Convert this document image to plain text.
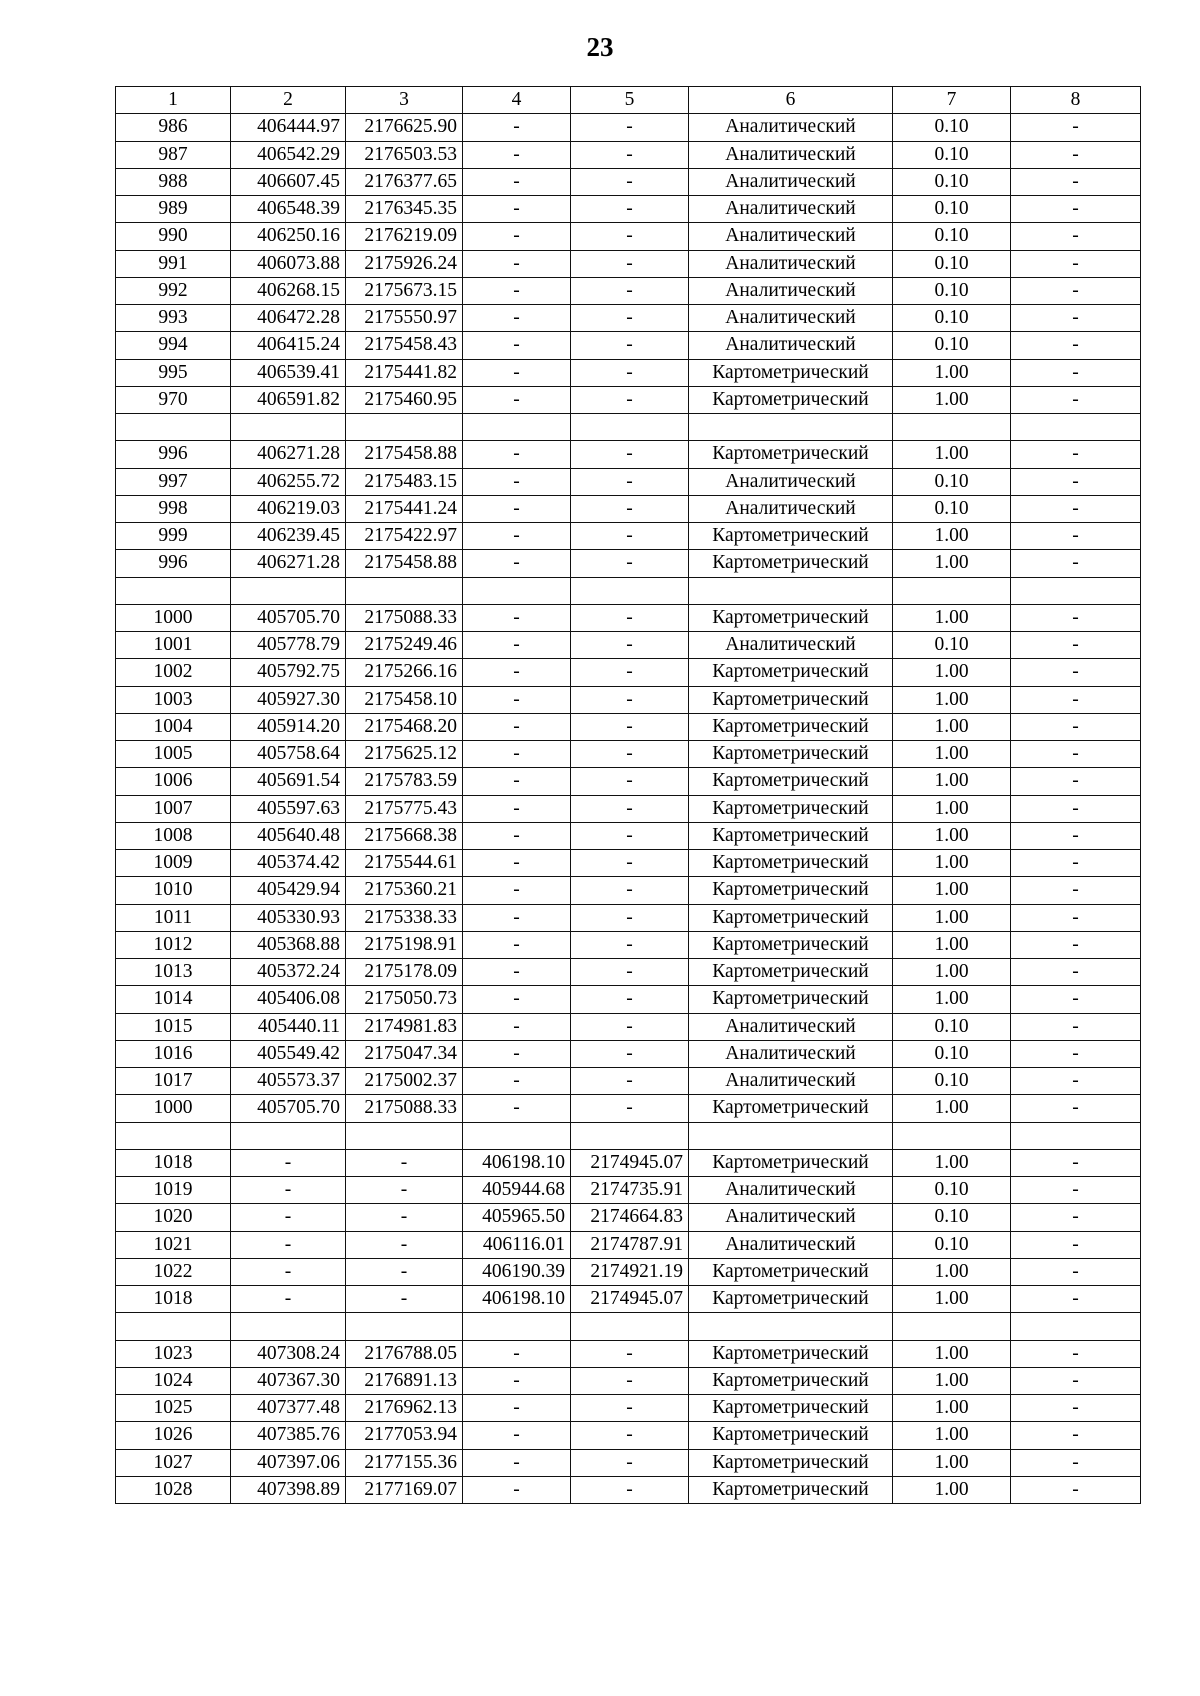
23
1	2	3	4	5	6	7	8
986	406444.97	2176625.90	-	-	Аналитический	0.10	-
987	406542.29	2176503.53	-	-	Аналитический	0.10	-
988	406607.45	2176377.65	-	-	Аналитический	0.10	-
989	406548.39	2176345.35	-	-	Аналитический	0.10	-
990	406250.16	2176219.09	-	-	Аналитический	0.10	-
991	406073.88	2175926.24	-	-	Аналитический	0.10	-
992	406268.15	2175673.15	-	-	Аналитический	0.10	-
993	406472.28	2175550.97	-	-	Аналитический	0.10	-
994	406415.24	2175458.43	-	-	Аналитический	0.10	-
995	406539.41	2175441.82	-	-	Картометрический	1.00	-
970	406591.82	2175460.95	-	-	Картометрический	1.00	-

996	406271.28	2175458.88	-	-	Картометрический	1.00	-
997	406255.72	2175483.15	-	-	Аналитический	0.10	-
998	406219.03	2175441.24	-	-	Аналитический	0.10	-
999	406239.45	2175422.97	-	-	Картометрический	1.00	-
996	406271.28	2175458.88	-	-	Картометрический	1.00	-

1000	405705.70	2175088.33	-	-	Картометрический	1.00	-
1001	405778.79	2175249.46	-	-	Аналитический	0.10	-
1002	405792.75	2175266.16	-	-	Картометрический	1.00	-
1003	405927.30	2175458.10	-	-	Картометрический	1.00	-
1004	405914.20	2175468.20	-	-	Картометрический	1.00	-
1005	405758.64	2175625.12	-	-	Картометрический	1.00	-
1006	405691.54	2175783.59	-	-	Картометрический	1.00	-
1007	405597.63	2175775.43	-	-	Картометрический	1.00	-
1008	405640.48	2175668.38	-	-	Картометрический	1.00	-
1009	405374.42	2175544.61	-	-	Картометрический	1.00	-
1010	405429.94	2175360.21	-	-	Картометрический	1.00	-
1011	405330.93	2175338.33	-	-	Картометрический	1.00	-
1012	405368.88	2175198.91	-	-	Картометрический	1.00	-
1013	405372.24	2175178.09	-	-	Картометрический	1.00	-
1014	405406.08	2175050.73	-	-	Картометрический	1.00	-
1015	405440.11	2174981.83	-	-	Аналитический	0.10	-
1016	405549.42	2175047.34	-	-	Аналитический	0.10	-
1017	405573.37	2175002.37	-	-	Аналитический	0.10	-
1000	405705.70	2175088.33	-	-	Картометрический	1.00	-

1018	-	-	406198.10	2174945.07	Картометрический	1.00	-
1019	-	-	405944.68	2174735.91	Аналитический	0.10	-
1020	-	-	405965.50	2174664.83	Аналитический	0.10	-
1021	-	-	406116.01	2174787.91	Аналитический	0.10	-
1022	-	-	406190.39	2174921.19	Картометрический	1.00	-
1018	-	-	406198.10	2174945.07	Картометрический	1.00	-

1023	407308.24	2176788.05	-	-	Картометрический	1.00	-
1024	407367.30	2176891.13	-	-	Картометрический	1.00	-
1025	407377.48	2176962.13	-	-	Картометрический	1.00	-
1026	407385.76	2177053.94	-	-	Картометрический	1.00	-
1027	407397.06	2177155.36	-	-	Картометрический	1.00	-
1028	407398.89	2177169.07	-	-	Картометрический	1.00	-
